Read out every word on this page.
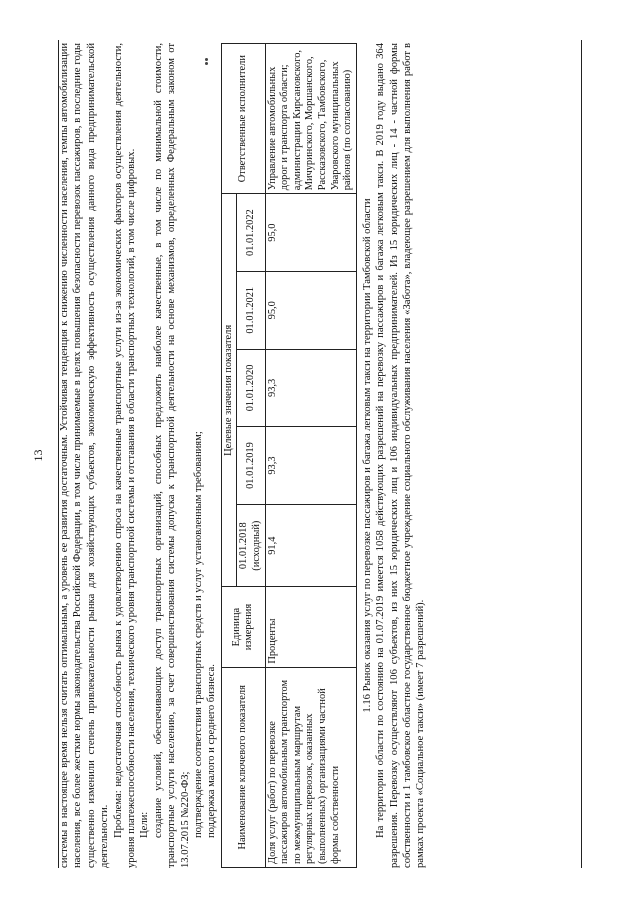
13 системы в настоящее время нельзя считать оптимальным, а уровень ее развития достаточным. Устойчивая тенденция к снижению численности населения, темпы автомобилизации населения, все более жесткие нормы законодательства Российской Федерации, в том числе принимаемые в целях повышения безопасности перевозок пассажиров, в последние годы существенно изменили степень привлекательности рынка для хозяйствующих субъектов, экономическую эффективность осуществления данного вида предпринимательской деятельности. Проблема: недостаточная способность рынка к удовлетворению спроса на качественные транспортные услуги из-за экономических факторов осуществления деятельности, уровня платежеспособности населения, технического уровня транспортной системы и отставания в области транспортных технологий, в том числе цифровых. Цели: создание условий, обеспечивающих доступ транспортных организаций, способных предложить наиболее качественные, в том числе по минимальной стоимости, транспортные услуги населению, за счет совершенствования системы допуска к транспортной деятельности на основе механизмов, определенных Федеральным законом от 13.07.2015 №220-ФЗ; подтверждение соответствия транспортных средств и услуг установленным требованиям; поддержка малого и среднего бизнеса. Наименование ключевого показателя	Единица измерения	Целевые значения показателя					Ответственные исполнители
		01.01.2018 (исходный)	01.01.2019	01.01.2020	01.01.2021	01.01.2022	
Доля услуг (работ) по перевозке пассажиров автомобильным транспортом по межмуниципальным маршрутам регулярных перевозок, оказанных (выполненных) организациями частной формы собственности	Проценты	91,4	93,3	93,3	95,0	95,0	Управление автомобильных дорог и транспорта области; администрации Кирсановского, Мичуринского, Моршанского, Рассказовского, Тамбовского, Уваровского муниципальных районов (по согласованию)

1.16 Рынок оказания услуг по перевозке пассажиров и багажа легковым такси на территории Тамбовской области На территории области по состоянию на 01.07.2019 имеется 1058 действующих разрешений на перевозку пассажиров и багажа легковым такси. В 2019 году выдано 364 разрешения. Перевозку осуществляют 106 субъектов, из них 15 юридических лиц и 106 индивидуальных предпринимателей. Из 15 юридических лиц - 14 - частной формы собственности и 1 тамбовское областное государственное бюджетное учреждение социального обслуживания населения «Забота», владеющее разрешением для выполнения работ в рамках проекта «Социальное такси» (имеет 7 разрешений).
